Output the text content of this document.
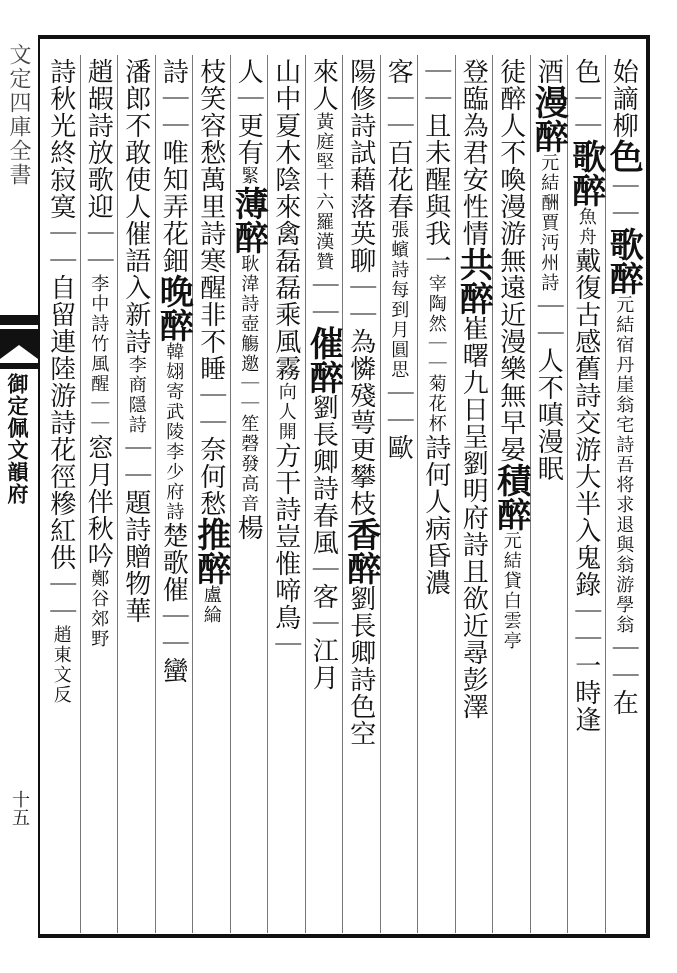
文定四庫全書
御定佩文韻府
十五
始謫柳色｜｜歌醉元結宿丹崖翁宅詩吾将求退與翁游學翁｜｜在
色｜｜歌醉魚舟戴復古感舊詩交游大半入鬼錄｜｜一時逢
酒漫醉元結酬賈沔州詩｜｜人不嗔漫眠
徒醉人不喚漫游無遠近漫樂無早晏積醉元結貸白雲亭
登臨為君安性情共醉崔曙九日呈劉明府詩且欲近尋彭澤
｜｜且未醒與我一宰陶然｜｜菊花杯詩何人病昏濃
客｜｜百花春張蠙詩每到月圓思｜｜歐
陽修詩試藉落英聊｜｜為憐殘萼更攀枝香醉劉長卿詩色空
來人黃庭堅十六羅漢贊｜｜催醉劉長卿詩春風｜客｜江月
山中夏木陰來禽磊磊乘風霧向人開方干詩豈惟啼鳥｜
人｜更有緊薄醉耿湋詩壺觴邀｜｜笙磬發高音楊
枝笑容愁萬里詩寒醒非不睡｜｜奈何愁推醉盧綸
詩｜｜唯知弄花鈿晚醉韓翃寄武陵李少府詩楚歌催｜｜蠻
潘郎不敢使人催語入新詩李商隱詩｜｜題詩贈物華
趙嘏詩放歌迎｜｜李中詩竹風醒｜｜窓月伴秋吟鄭谷郊野
詩秋光終寂寞｜｜自留連陸游詩花徑糝紅供｜｜趙東文反
